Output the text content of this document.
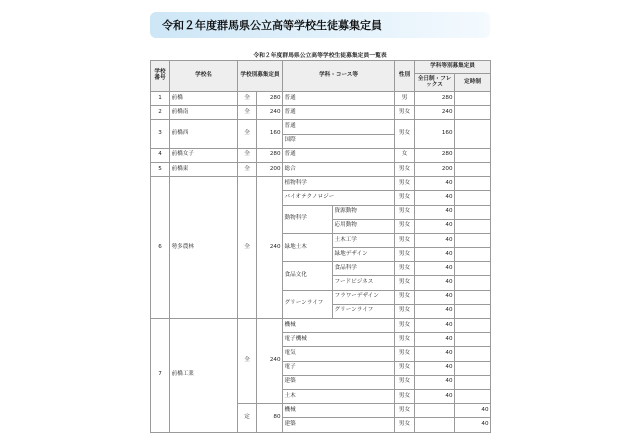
令和２年度群馬県公立高等学校生徒募集定員
令和２年度群馬県公立高等学校生徒募集定員一覧表
学校番号	学校名	学校別募集定員		学科・コース等		性別	学科等別募集定員	
							全日制・フレックス	定時制
1	前橋	全	280	普通		男	280	
2	前橋南	全	240	普通		男女	240	
3	前橋西	全	160	普通		男女	160	
				国際				
4	前橋女子	全	280	普通		女	280	
5	前橋東	全	200	総合		男女	200	
6	勢多農林	全	240	植物科学		男女	40	
				バイオテクノロジー		男女	40	
				動物科学	資源動物	男女	40	
					応用動物	男女	40	
				緑地土木	土木工学	男女	40	
					緑地デザイン	男女	40	
				食品文化	食品科学	男女	40	
					フードビジネス	男女	40	
				グリーンライフ	フラワーデザイン	男女	40	
					グリーンライフ	男女	40	
7	前橋工業	全	240	機械		男女	40	
				電子機械		男女	40	
				電気		男女	40	
				電子		男女	40	
				建築		男女	40	
				土木		男女	40	
		定	80	機械		男女		40
				建築		男女		40
